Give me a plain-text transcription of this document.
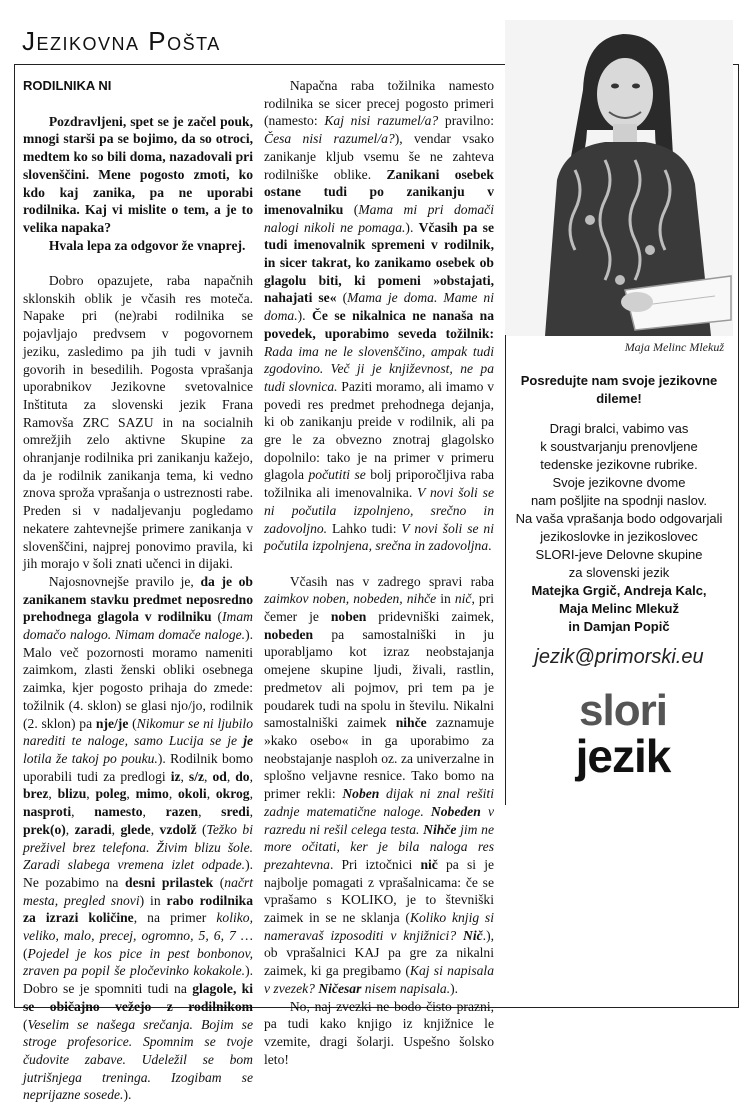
Jezikovna Pošta
RODILNIKA NI

Pozdravljeni, spet se je začel pouk, mnogi starši pa se bojimo, da so otroci, medtem ko so bili doma, nazadovali pri slovenščini. Mene pogosto zmoti, ko kdo kaj zanika, pa ne uporabi rodilnika. Kaj vi mislite o tem, a je to velika napaka?

Hvala lepa za odgovor že vnaprej.

Dobro opazujete, raba napačnih sklonskih oblik je včasih res moteča. Napake pri (ne)rabi rodilnika se pojavljajo predvsem v pogovornem jeziku, zasledimo pa jih tudi v javnih govorih in besedilih. Pogosta vprašanja uporabnikov Jezikovne svetovalnice Inštituta za slovenski jezik Frana Ramovša ZRC SAZU in na socialnih omrežjih zelo aktivne Skupine za ohranjanje rodilnika pri zanikanju kažejo, da je rodilnik zanikanja tema, ki vedno znova sproža vprašanja o ustreznosti rabe. Preden si v nadaljevanju pogledamo nekatere zahtevnejše primere zanikanja v slovenščini, najprej ponovimo pravila, ki jih morajo v šoli znati učenci in dijaki.

Najosnovnejše pravilo je, da je ob zanikanem stavku predmet neposredno prehodnega glagola v rodilniku (Imam domačo nalogo. Nimam domače naloge.). Malo več pozornosti moramo nameniti zaimkom, zlasti ženski obliki osebnega zaimka, kjer pogosto prihaja do zmede: tožilnik (4. sklon) se glasi njo/jo, rodilnik (2. sklon) pa nje/je (Nikomur se ni ljubilo narediti te naloge, samo Lucija se je je lotila že takoj po pouku.). Rodilnik bomo uporabili tudi za predlogi iz, s/z, od, do, brez, blizu, poleg, mimo, okoli, okrog, nasproti, namesto, razen, sredi, prek(o), zaradi, glede, vzdolž (Težko bi preživel brez telefona. Živim blizu šole. Zaradi slabega vremena izlet odpade.). Ne pozabimo na desni prilastek (načrt mesta, pregled snovi) in rabo rodilnika za izrazi količine, na primer koliko, veliko, malo, precej, ogromno, 5, 6, 7 … (Pojedel je kos pice in pest bonbonov, zraven pa popil še pločevinko kokakole.). Dobro se je spomniti tudi na glagole, ki se običajno vežejo z rodilnikom (Veselim se našega srečanja. Bojim se stroge profesorice. Spomnim se tvoje čudovite zabave. Udeležil se bom jutrišnjega treninga. Izogibam se neprijazne sosede.).

Napačna raba tožilnika namesto rodilnika se sicer precej pogosto primeri (namesto: Kaj nisi razumel/a? pravilno: Česa nisi razumel/a?), vendar vsako zanikanje kljub vsemu še ne zahteva rodilniške oblike. Zanikani osebek ostane tudi po zanikanju v imenovalniku (Mama mi pri domači nalogi nikoli ne pomaga.). Včasih pa se tudi imenovalnik spremeni v rodilnik, in sicer takrat, ko zanikamo osebek ob glagolu biti, ki pomeni »obstajati, nahajati se« (Mama je doma. Mame ni doma.). Če se nikalnica ne nanaša na povedek, uporabimo seveda tožilnik: Rada ima ne le slovenščino, ampak tudi zgodovino. Več ji je književnost, ne pa tudi slovnica. Paziti moramo, ali imamo v povedi res predmet prehodnega dejanja, ki ob zanikanju preide v rodilnik, ali pa gre le za obvezno znotraj glagolsko dopolnilo: tako je na primer v primeru glagola počutiti se bolj priporočljiva raba tožilnika ali imenovalnika. V novi šoli se ni počutila izpolnjeno, srečno in zadovoljno. Lahko tudi: V novi šoli se ni počutila izpolnjena, srečna in zadovoljna.

Včasih nas v zadrego spravi raba zaimkov noben, nobeden, nihče in nič, pri čemer je noben pridevniški zaimek, nobeden pa samostalniški in ju uporabljamo kot izraz neobstajanja omejene skupine ljudi, živali, rastlin, predmetov ali pojmov, pri tem pa je poudarek tudi na spolu in številu. Nikalni samostalniški zaimek nihče zaznamuje »kako osebo« in ga uporabimo za neobstajanje nasploh oz. za univerzalne in splošno veljavne resnice. Tako bomo na primer rekli: Noben dijak ni znal rešiti zadnje matematične naloge. Nobeden v razredu ni rešil celega testa. Nihče jim ne more očitati, ker je bila naloga res prezahtevna. Pri iztočnici nič pa si je najbolje pomagati z vprašalnicama: če se vprašamo s KOLIKO, je to števniški zaimek in se ne sklanja (Koliko knjig si nameravaš izposoditi v knjižnici? Nič.), ob vprašalnici KAJ pa gre za nikalni zaimek, ki ga pregibamo (Kaj si napisala v zvezek? Ničesar nisem napisala.).

No, naj zvezki ne bodo čisto prazni, pa tudi kako knjigo iz knjižnice le vzemite, dragi šolarji. Uspešno šolsko leto!

Maja Melinc Mlekuž

Posredujte nam svoje jezikovne dileme!

Dragi bralci, vabimo vas

k soustvarjanju prenovljene

tedenske jezikovne rubrike.

Svoje jezikovne dvome

nam pošljite na spodnji naslov.

Na vaša vprašanja bodo odgovarjali

jezikoslovke in jezikoslovec

SLORI-jeve Delovne skupine

za slovenski jezik

Matejka Grgič, Andreja Kalc,

Maja Melinc Mlekuž

in Damjan Popič

jezik@primorski.eu
slori
jezik
